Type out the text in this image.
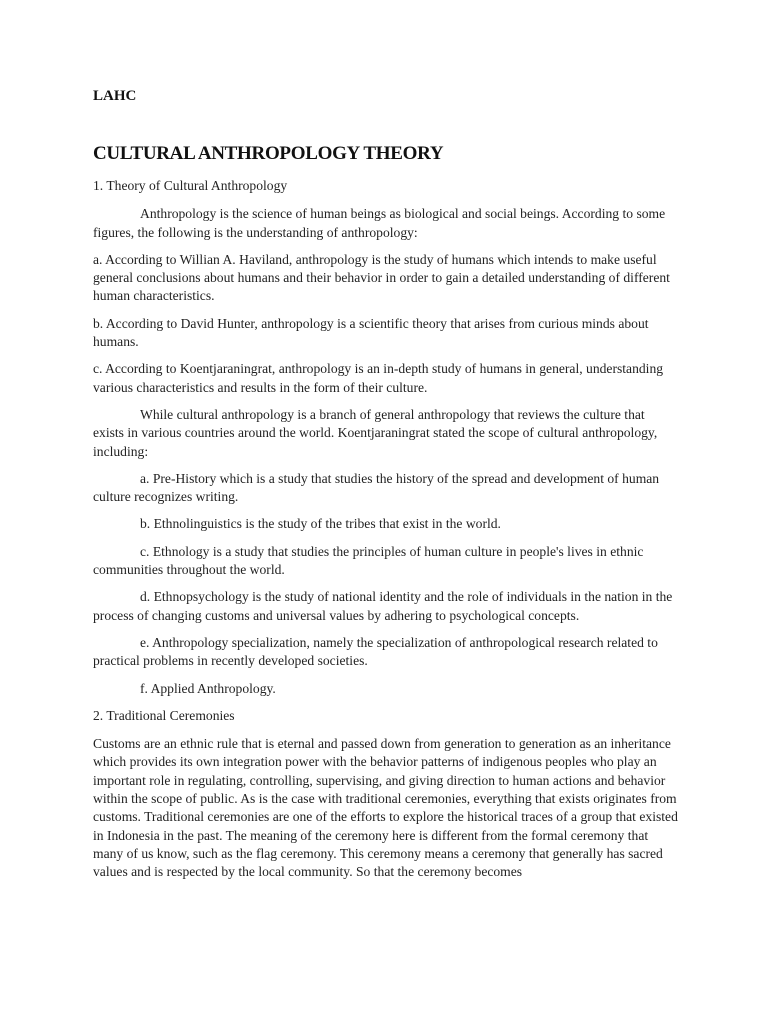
LAHC

CULTURAL ANTHROPOLOGY THEORY

1. Theory of Cultural Anthropology

Anthropology is the science of human beings as biological and social beings. According to some figures, the following is the understanding of anthropology:

a. According to Willian A. Haviland, anthropology is the study of humans which intends to make useful general conclusions about humans and their behavior in order to gain a detailed understanding of different human characteristics.

b. According to David Hunter, anthropology is a scientific theory that arises from curious minds about humans.

c. According to Koentjaraningrat, anthropology is an in-depth study of humans in general, understanding various characteristics and results in the form of their culture.

While cultural anthropology is a branch of general anthropology that reviews the culture that exists in various countries around the world. Koentjaraningrat stated the scope of cultural anthropology, including:

a. Pre-History which is a study that studies the history of the spread and development of human culture recognizes writing.

b. Ethnolinguistics is the study of the tribes that exist in the world.

c. Ethnology is a study that studies the principles of human culture in people's lives in ethnic communities throughout the world.

d. Ethnopsychology is the study of national identity and the role of individuals in the nation in the process of changing customs and universal values by adhering to psychological concepts.

e. Anthropology specialization, namely the specialization of anthropological research related to practical problems in recently developed societies.

f. Applied Anthropology.

2. Traditional Ceremonies

Customs are an ethnic rule that is eternal and passed down from generation to generation as an inheritance which provides its own integration power with the behavior patterns of indigenous peoples who play an important role in regulating, controlling, supervising, and giving direction to human actions and behavior within the scope of public. As is the case with traditional ceremonies, everything that exists originates from customs. Traditional ceremonies are one of the efforts to explore the historical traces of a group that existed in Indonesia in the past. The meaning of the ceremony here is different from the formal ceremony that many of us know, such as the flag ceremony. This ceremony means a ceremony that generally has sacred values and is respected by the local community. So that the ceremony becomes
